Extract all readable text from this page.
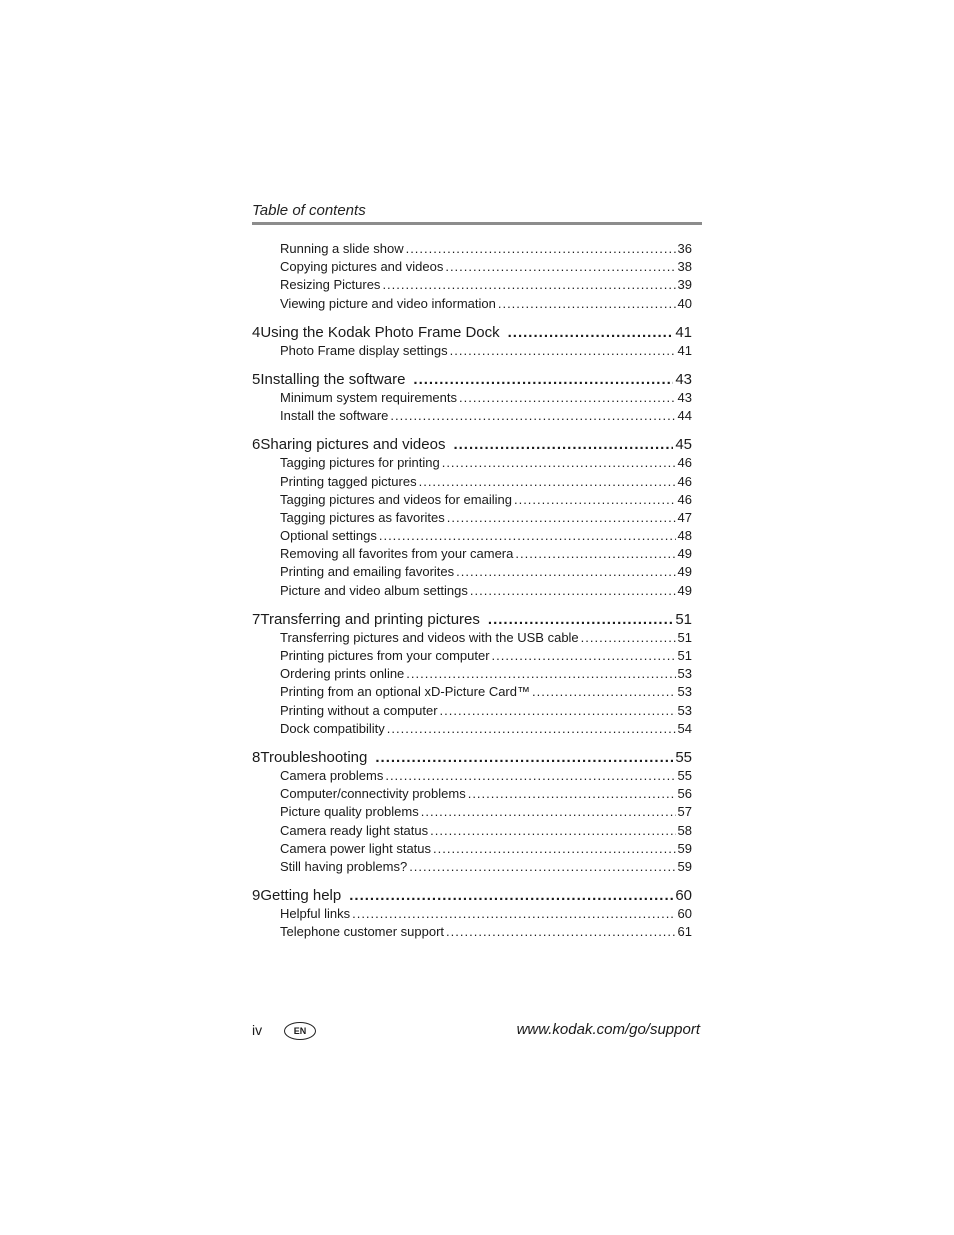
Table of contents
Running a slide show .....	36
Copying pictures and videos .....	38
Resizing Pictures .....	39
Viewing picture and video information .....	40
4 Using the Kodak Photo Frame Dock .....	41
Photo Frame display settings .....	41
5 Installing the software .....	43
Minimum system requirements .....	43
Install the software .....	44
6 Sharing pictures and videos .....	45
Tagging pictures for printing .....	46
Printing tagged pictures .....	46
Tagging pictures and videos for emailing .....	46
Tagging pictures as favorites .....	47
Optional settings .....	48
Removing all favorites from your camera .....	49
Printing and emailing favorites .....	49
Picture and video album settings .....	49
7 Transferring and printing pictures .....	51
Transferring pictures and videos with the USB cable .....	51
Printing pictures from your computer .....	51
Ordering prints online .....	53
Printing from an optional xD-Picture Card™ .....	53
Printing without a computer .....	53
Dock compatibility .....	54
8 Troubleshooting .....	55
Camera problems .....	55
Computer/connectivity problems .....	56
Picture quality problems .....	57
Camera ready light status .....	58
Camera power light status .....	59
Still having problems? .....	59
9 Getting help .....	60
Helpful links .....	60
Telephone customer support .....	61
iv	EN	www.kodak.com/go/support
